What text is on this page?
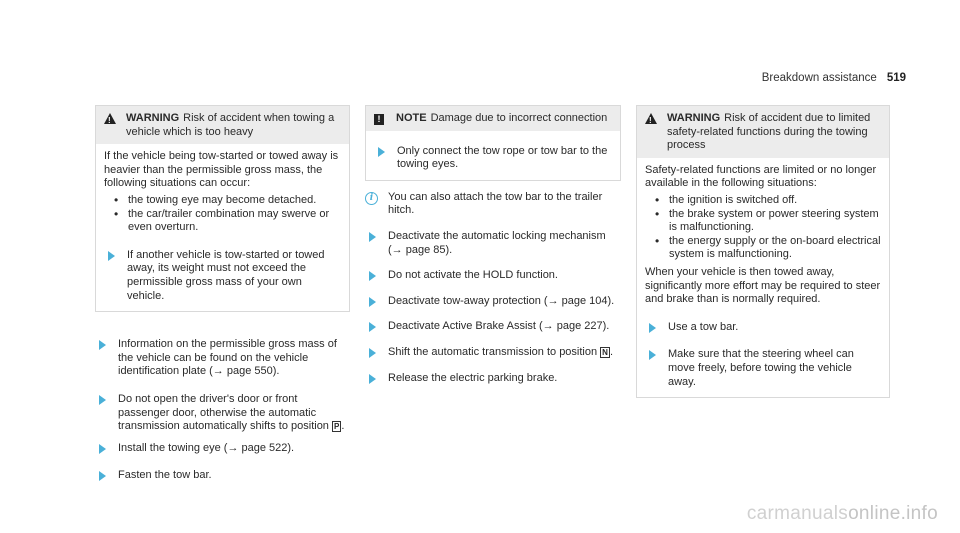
Breakdown assistance 519
!
WARNING Risk of accident when towing a vehicle which is too heavy

If the vehicle being tow-started or towed away is heavier than the permissible gross mass, the following situations can occur:

• the towing eye may become detached.
• the car/trailer combination may swerve or even overturn.
If another vehicle is tow-started or towed away, its weight must not exceed the permissible gross mass of your own vehicle.
Information on the permissible gross mass of the vehicle can be found on the vehicle identification plate (→ page 550).
Do not open the driver's door or front passenger door, otherwise the automatic transmission automatically shifts to position P .
Install the towing eye (→ page 522).
Fasten the tow bar.
!	NOTE Damage due to incorrect connection
Only connect the tow rope or tow bar to the towing eyes.
i	You can also attach the tow bar to the trailer hitch.
Deactivate the automatic locking mechanism (→ page 85).
Do not activate the HOLD function.
Deactivate tow-away protection (→ page 104).
Deactivate Active Brake Assist (→ page 227).
Shift the automatic transmission to position N .
Release the electric parking brake.
!
WARNING Risk of accident due to limited safety-related functions during the towing process

Safety-related functions are limited or no longer available in the following situations:

• the ignition is switched off.
• the brake system or power steering system is malfunctioning.
• the energy supply or the on-board electrical system is malfunctioning.

When your vehicle is then towed away, significantly more effort may be required to steer and brake than is normally required.

Use a tow bar.
Make sure that the steering wheel can move freely, before towing the vehicle away.
carmanualsonline.info
